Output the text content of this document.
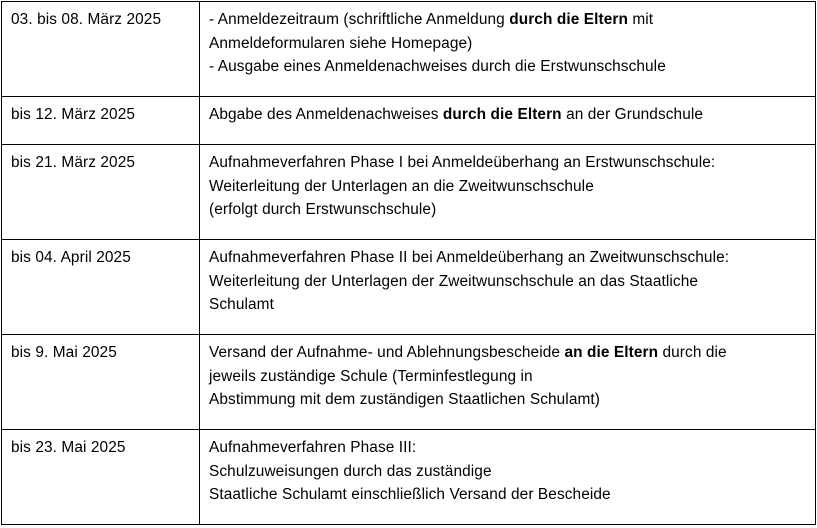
03. bis 08. März 2025	- Anmeldezeitraum (schriftliche Anmeldung durch die Eltern mit
Anmeldeformularen siehe Homepage)
- Ausgabe eines Anmeldenachweises durch die Erstwunschschule

bis 12. März 2025	Abgabe des Anmeldenachweises durch die Eltern an der Grundschule

bis 21. März 2025	Aufnahmeverfahren Phase I bei Anmeldeüberhang an Erstwunschschule:
Weiterleitung der Unterlagen an die Zweitwunschschule
(erfolgt durch Erstwunschschule)

bis 04. April 2025	Aufnahmeverfahren Phase II bei Anmeldeüberhang an Zweitwunschschule:
Weiterleitung der Unterlagen der Zweitwunschschule an das Staatliche
Schulamt

bis 9. Mai 2025	Versand der Aufnahme- und Ablehnungsbescheide an die Eltern durch die
jeweils zuständige Schule (Terminfestlegung in
Abstimmung mit dem zuständigen Staatlichen Schulamt)

bis 23. Mai 2025	Aufnahmeverfahren Phase III:
Schulzuweisungen durch das zuständige
Staatliche Schulamt einschließlich Versand der Bescheide
